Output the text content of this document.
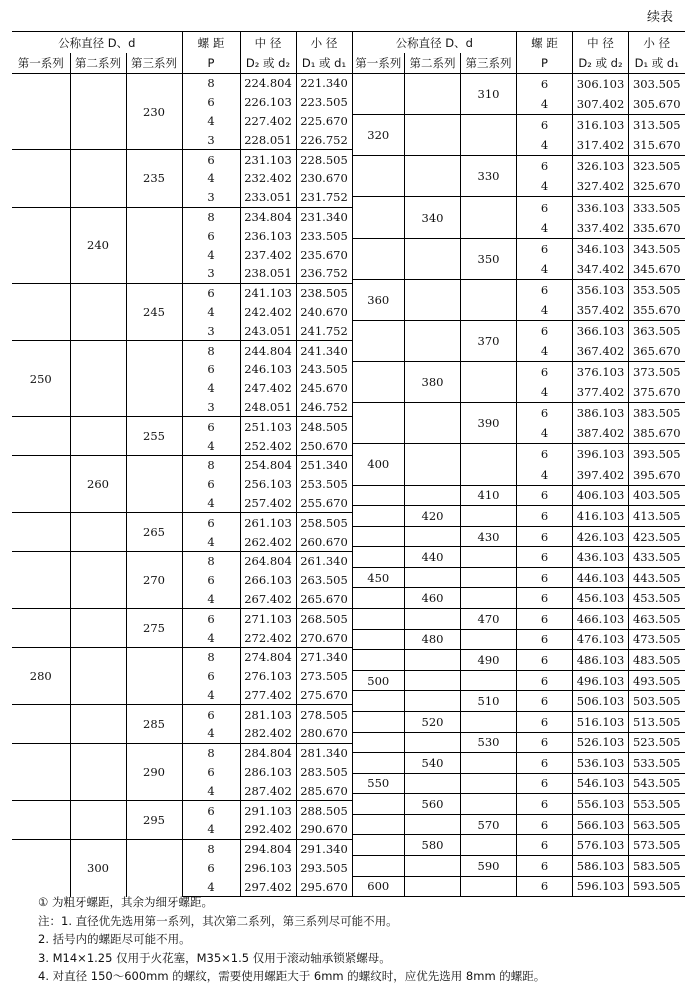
续表
公称直径 D、d			螺 距	中 径	小 径
第一系列	第二系列	第三系列	P	D₂ 或 d₂	D₁ 或 d₁
		230	8	224.804	221.340
			6	226.103	223.505
			4	227.402	225.670
			3	228.051	226.752
		235	6	231.103	228.505
			4	232.402	230.670
			3	233.051	231.752
	240		8	234.804	231.340
			6	236.103	233.505
			4	237.402	235.670
			3	238.051	236.752
		245	6	241.103	238.505
			4	242.402	240.670
			3	243.051	241.752
250			8	244.804	241.340
			6	246.103	243.505
			4	247.402	245.670
			3	248.051	246.752
		255	6	251.103	248.505
			4	252.402	250.670
	260		8	254.804	251.340
			6	256.103	253.505
			4	257.402	255.670
		265	6	261.103	258.505
			4	262.402	260.670
		270	8	264.804	261.340
			6	266.103	263.505
			4	267.402	265.670
		275	6	271.103	268.505
			4	272.402	270.670
280			8	274.804	271.340
			6	276.103	273.505
			4	277.402	275.670
		285	6	281.103	278.505
			4	282.402	280.670
		290	8	284.804	281.340
			6	286.103	283.505
			4	287.402	285.670
		295	6	291.103	288.505
			4	292.402	290.670
	300		8	294.804	291.340
			6	296.103	293.505
			4	297.402	295.670
公称直径 D、d			螺 距	中 径	小 径
第一系列	第二系列	第三系列	P	D₂ 或 d₂	D₁ 或 d₁
		310	6	306.103	303.505
			4	307.402	305.670
320			6	316.103	313.505
			4	317.402	315.670
		330	6	326.103	323.505
			4	327.402	325.670
	340		6	336.103	333.505
			4	337.402	335.670
		350	6	346.103	343.505
			4	347.402	345.670
360			6	356.103	353.505
			4	357.402	355.670
		370	6	366.103	363.505
			4	367.402	365.670
	380		6	376.103	373.505
			4	377.402	375.670
		390	6	386.103	383.505
			4	387.402	385.670
400			6	396.103	393.505
			4	397.402	395.670
		410	6	406.103	403.505
	420		6	416.103	413.505
		430	6	426.103	423.505
	440		6	436.103	433.505
450			6	446.103	443.505
	460		6	456.103	453.505
		470	6	466.103	463.505
	480		6	476.103	473.505
		490	6	486.103	483.505
500			6	496.103	493.505
		510	6	506.103	503.505
	520		6	516.103	513.505
		530	6	526.103	523.505
	540		6	536.103	533.505
550			6	546.103	543.505
	560		6	556.103	553.505
		570	6	566.103	563.505
	580		6	576.103	573.505
		590	6	586.103	583.505
600			6	596.103	593.505
① 为粗牙螺距，其余为细牙螺距。
注：1. 直径优先选用第一系列，其次第二系列，第三系列尽可能不用。
2. 括号内的螺距尽可能不用。
3. M14×1.25 仅用于火花塞，M35×1.5 仅用于滚动轴承锁紧螺母。
4. 对直径 150～600mm 的螺纹，需要使用螺距大于 6mm 的螺纹时，应优先选用 8mm 的螺距。
